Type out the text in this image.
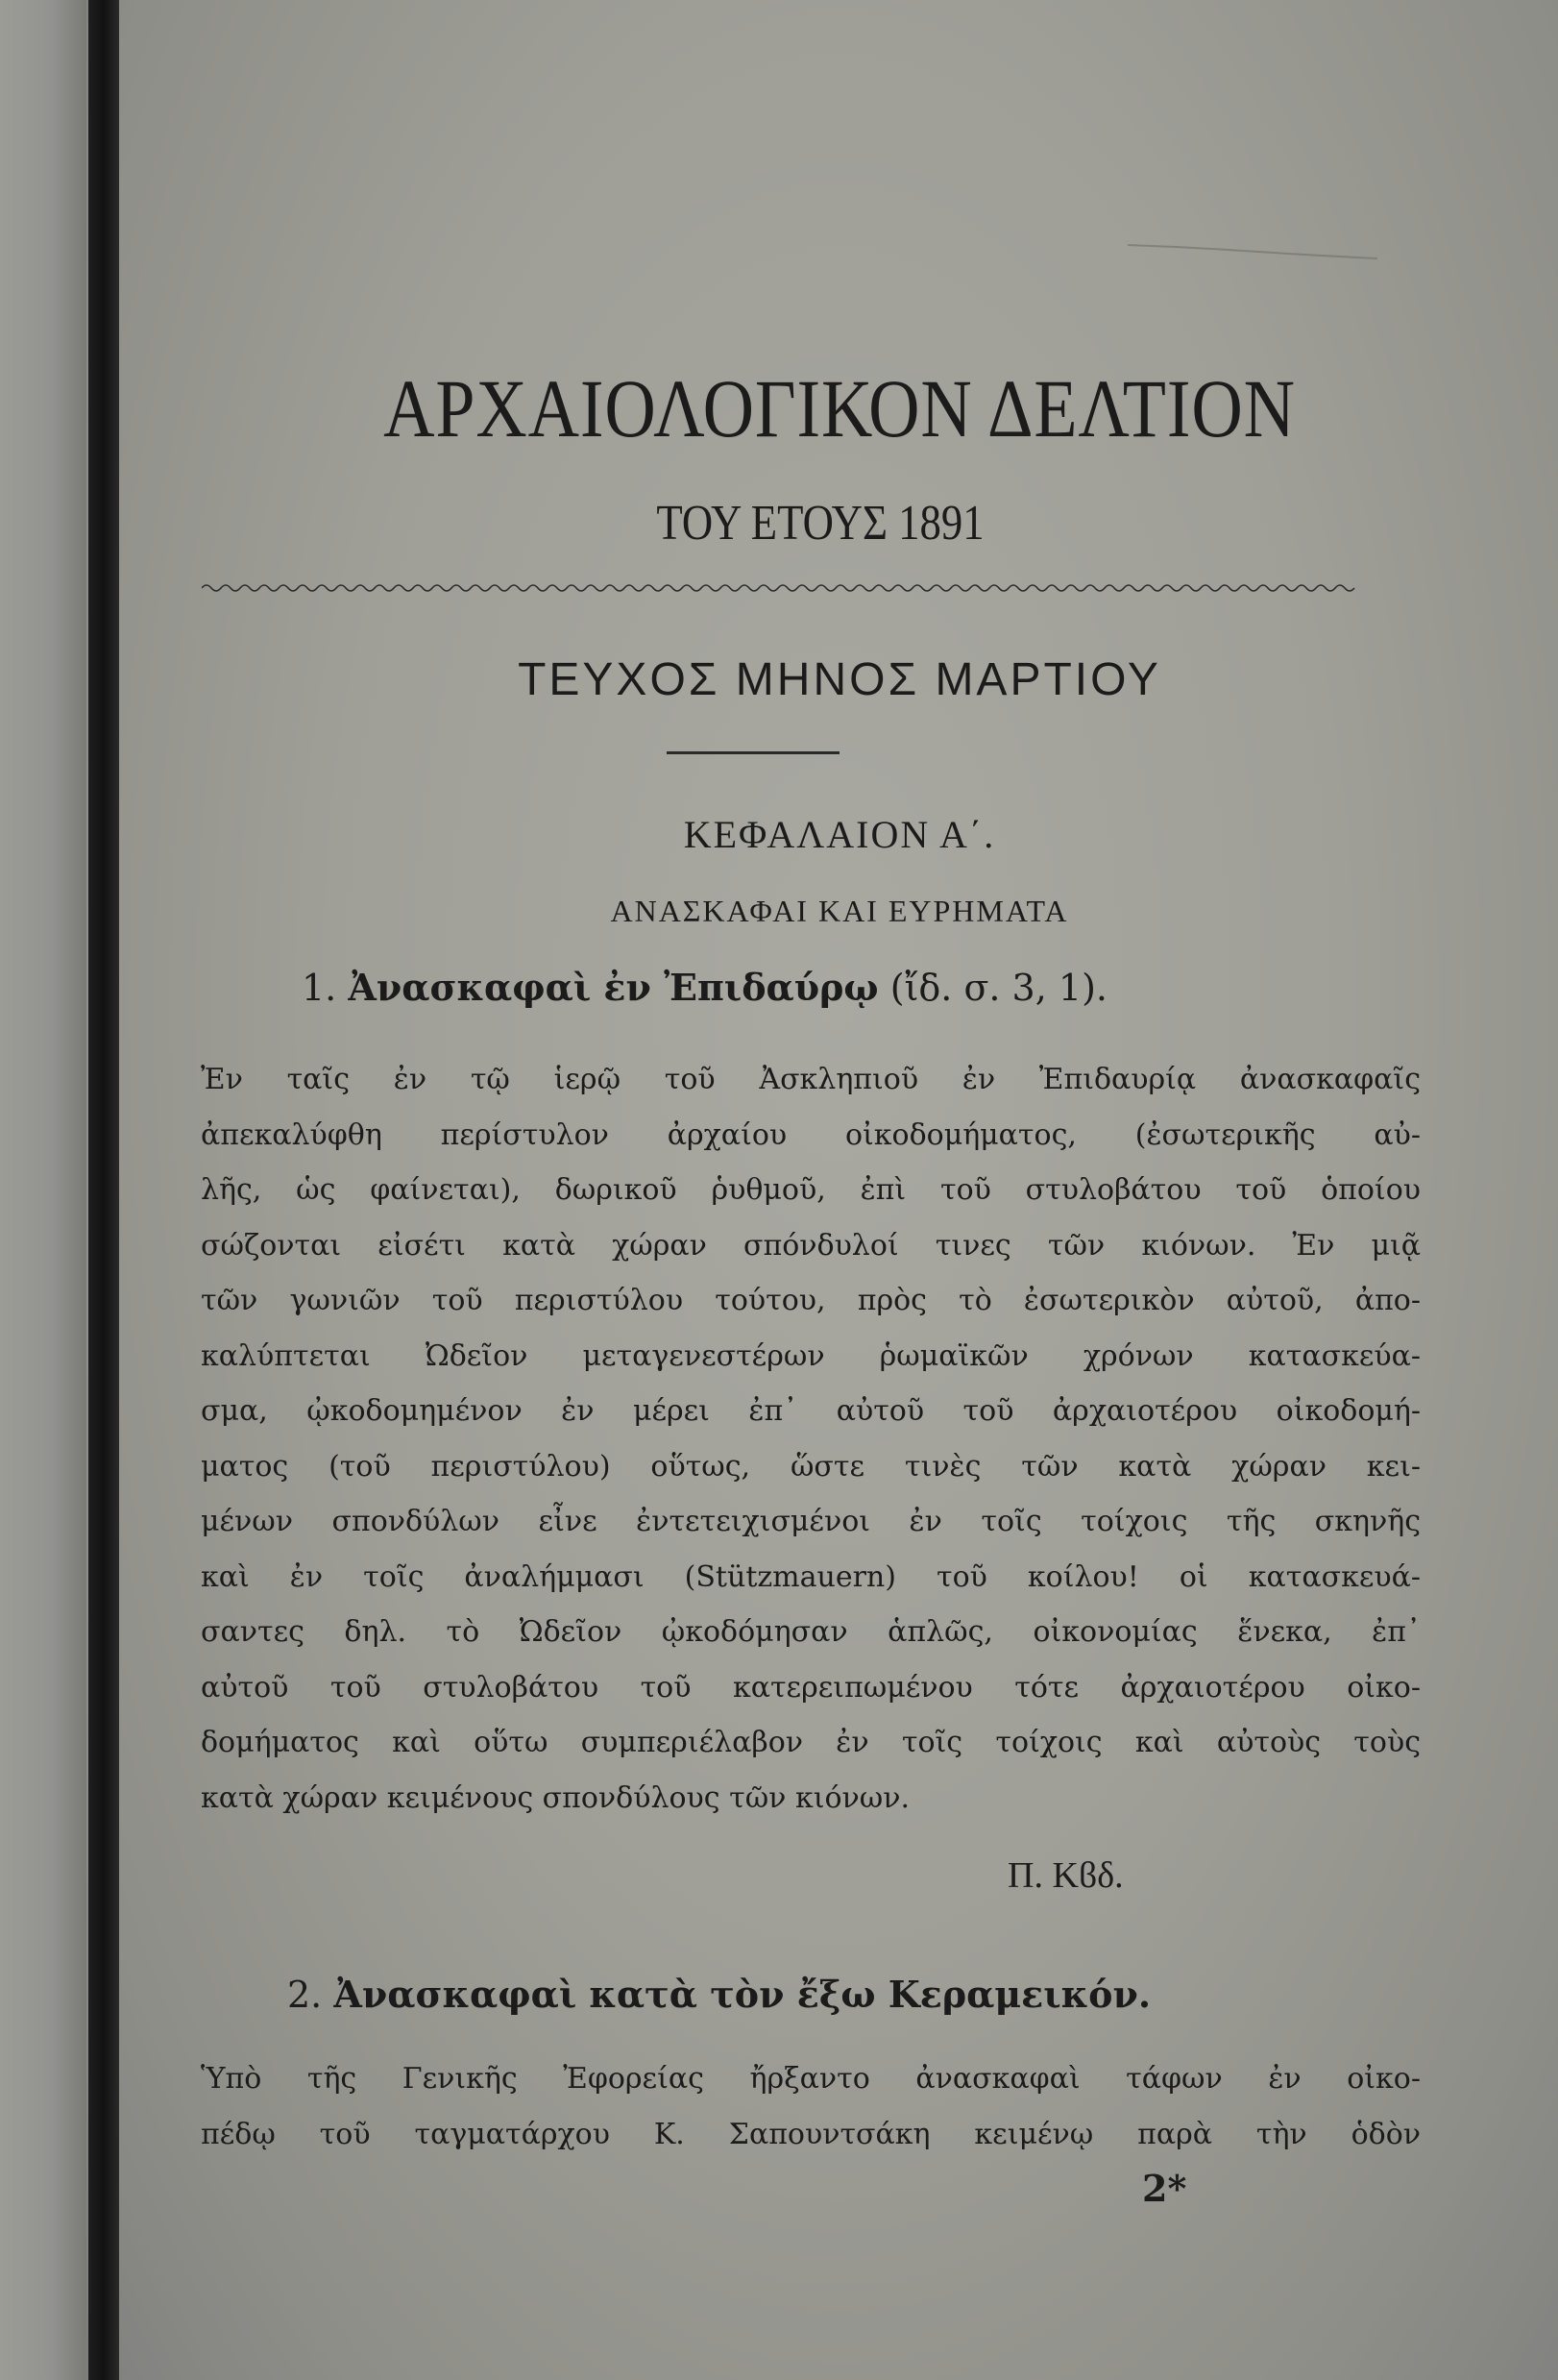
ΑΡΧΑΙΟΛΟΓΙΚΟΝ ΔΕΛΤΙΟΝ
ΤΟΥ ΕΤΟΥΣ 1891
ΤΕΥΧΟΣ ΜΗΝΟΣ ΜΑΡΤΙΟΥ
ΚΕΦΑΛΑΙΟΝ Α΄.
ΑΝΑΣΚΑΦΑΙ ΚΑΙ ΕΥΡΗΜΑΤΑ
1. Ἀνασκαφαὶ ἐν Ἐπιδαύρῳ (ἴδ. σ. 3, 1).
Ἐν ταῖς ἐν τῷ ἱερῷ τοῦ Ἀσκληπιοῦ ἐν Ἐπιδαυρίᾳ ἀνασκαφαῖς
ἀπεκαλύφθη περίστυλον ἀρχαίου οἰκοδομήματος, (ἐσωτερικῆς αὐ-
λῆς, ὡς φαίνεται), δωρικοῦ ῥυθμοῦ, ἐπὶ τοῦ στυλοβάτου τοῦ ὁποίου
σώζονται εἰσέτι κατὰ χώραν σπόνδυλοί τινες τῶν κιόνων. Ἐν μιᾷ
τῶν γωνιῶν τοῦ περιστύλου τούτου, πρὸς τὸ ἐσωτερικὸν αὐτοῦ, ἀπο-
καλύπτεται Ὠδεῖον μεταγενεστέρων ῥωμαϊκῶν χρόνων κατασκεύα-
σμα, ᾠκοδομημένον ἐν μέρει ἐπ᾽ αὐτοῦ τοῦ ἀρχαιοτέρου οἰκοδομή-
ματος (τοῦ περιστύλου) οὕτως, ὥστε τινὲς τῶν κατὰ χώραν κει-
μένων σπονδύλων εἶνε ἐντετειχισμένοι ἐν τοῖς τοίχοις τῆς σκηνῆς
καὶ ἐν τοῖς ἀναλήμμασι (Stützmauern) τοῦ κοίλου! οἱ κατασκευά-
σαντες δηλ. τὸ Ὠδεῖον ᾠκοδόμησαν ἁπλῶς, οἰκονομίας ἕνεκα, ἐπ᾽
αὐτοῦ τοῦ στυλοβάτου τοῦ κατερειπωμένου τότε ἀρχαιοτέρου οἰκο-
δομήματος καὶ οὕτω συμπεριέλαβον ἐν τοῖς τοίχοις καὶ αὐτοὺς τοὺς
κατὰ χώραν κειμένους σπονδύλους τῶν κιόνων.
Π. Κϐδ.
2. Ἀνασκαφαὶ κατὰ τὸν ἔξω Κεραμεικόν.
Ὑπὸ τῆς Γενικῆς Ἐφορείας ἤρξαντο ἀνασκαφαὶ τάφων ἐν οἰκο-
πέδῳ τοῦ ταγματάρχου Κ. Σαπουντσάκη κειμένῳ παρὰ τὴν ὁδὸν
2*
